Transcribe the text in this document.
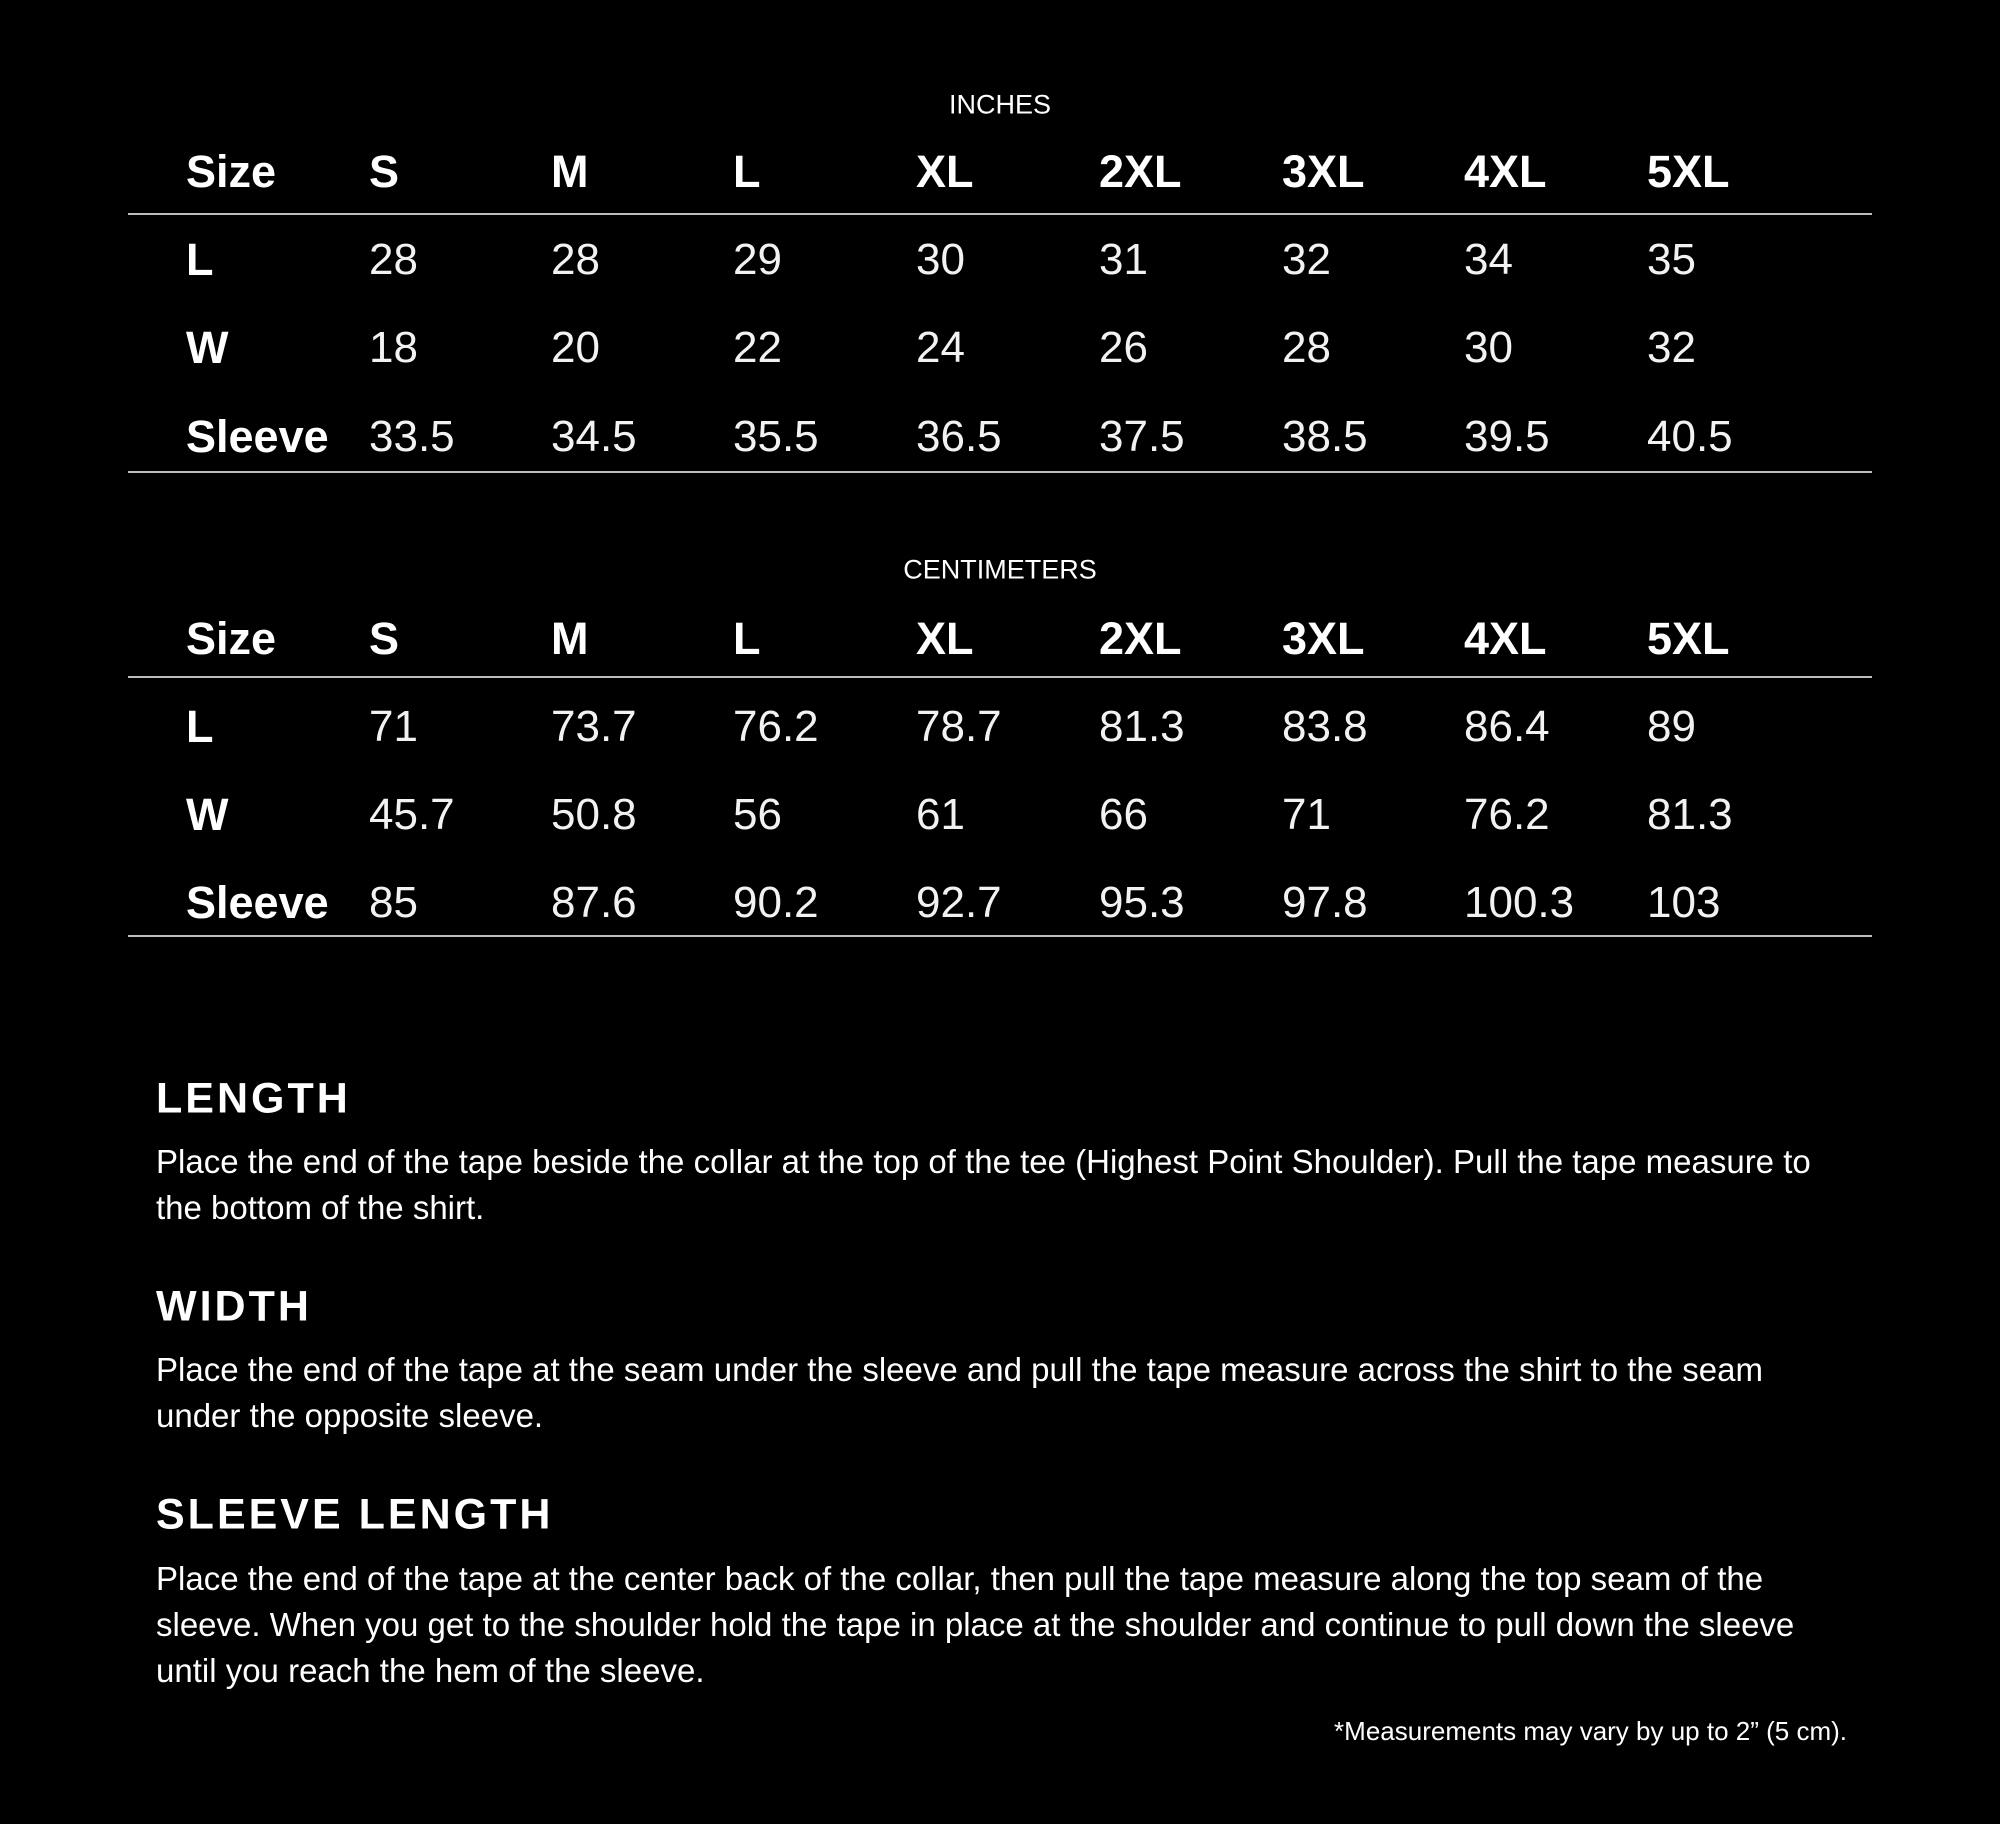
INCHES
Size S	M	L	XL	2XL 3XL 4XL 5XL
L	28	28	29	30	31	32	34	35
W	18	20	22	24	26	28	30	32
Sleeve 33.5 34.5 35.5 36.5 37.5 38.5 39.5 40.5
CENTIMETERS
Size S	M	L	XL	2XL 3XL 4XL 5XL
L	71	73.7 76.2 78.7 81.3 83.8 86.4 89
W	45.7 50.8 56	61	66	71	76.2 81.3
Sleeve 85	87.6 90.2 92.7 95.3 97.8 100.3 103
LENGTH
Place the end of the tape beside the collar at the top of the tee (Highest Point Shoulder). Pull the tape measure to the bottom of the shirt.
WIDTH
Place the end of the tape at the seam under the sleeve and pull the tape measure across the shirt to the seam under the opposite sleeve.
SLEEVE LENGTH
Place the end of the tape at the center back of the collar, then pull the tape measure along the top seam of the sleeve. When you get to the shoulder hold the tape in place at the shoulder and continue to pull down the sleeve until you reach the hem of the sleeve.
*Measurements may vary by up to 2” (5 cm).
